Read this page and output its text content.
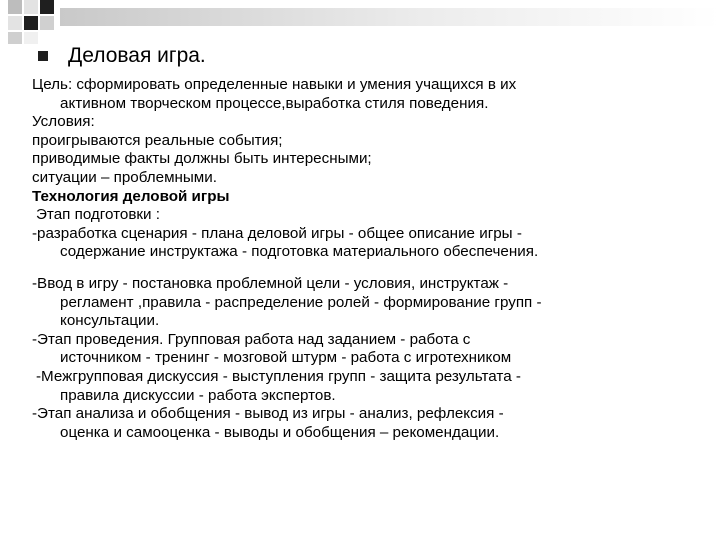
Деловая игра.
Цель: сформировать определенные навыки и умения учащихся в их
активном творческом процессе,выработка стиля поведения.
Условия:
проигрываются реальные события;
приводимые факты должны быть интересными;
ситуации – проблемными.
Технология деловой игры
Этап подготовки :
-разработка сценария - плана деловой игры - общее описание игры -
содержание инструктажа - подготовка материального обеспечения.
-Ввод в игру - постановка проблемной цели - условия, инструктаж -
регламент ,правила - распределение ролей - формирование групп -
консультации.
-Этап проведения. Групповая работа над заданием - работа с
источником - тренинг - мозговой штурм - работа с игротехником
-Межгрупповая дискуссия - выступления групп - защита результата -
правила дискуссии - работа экспертов.
-Этап анализа и обобщения - вывод из игры - анализ, рефлексия -
оценка и самооценка - выводы и обобщения – рекомендации.
